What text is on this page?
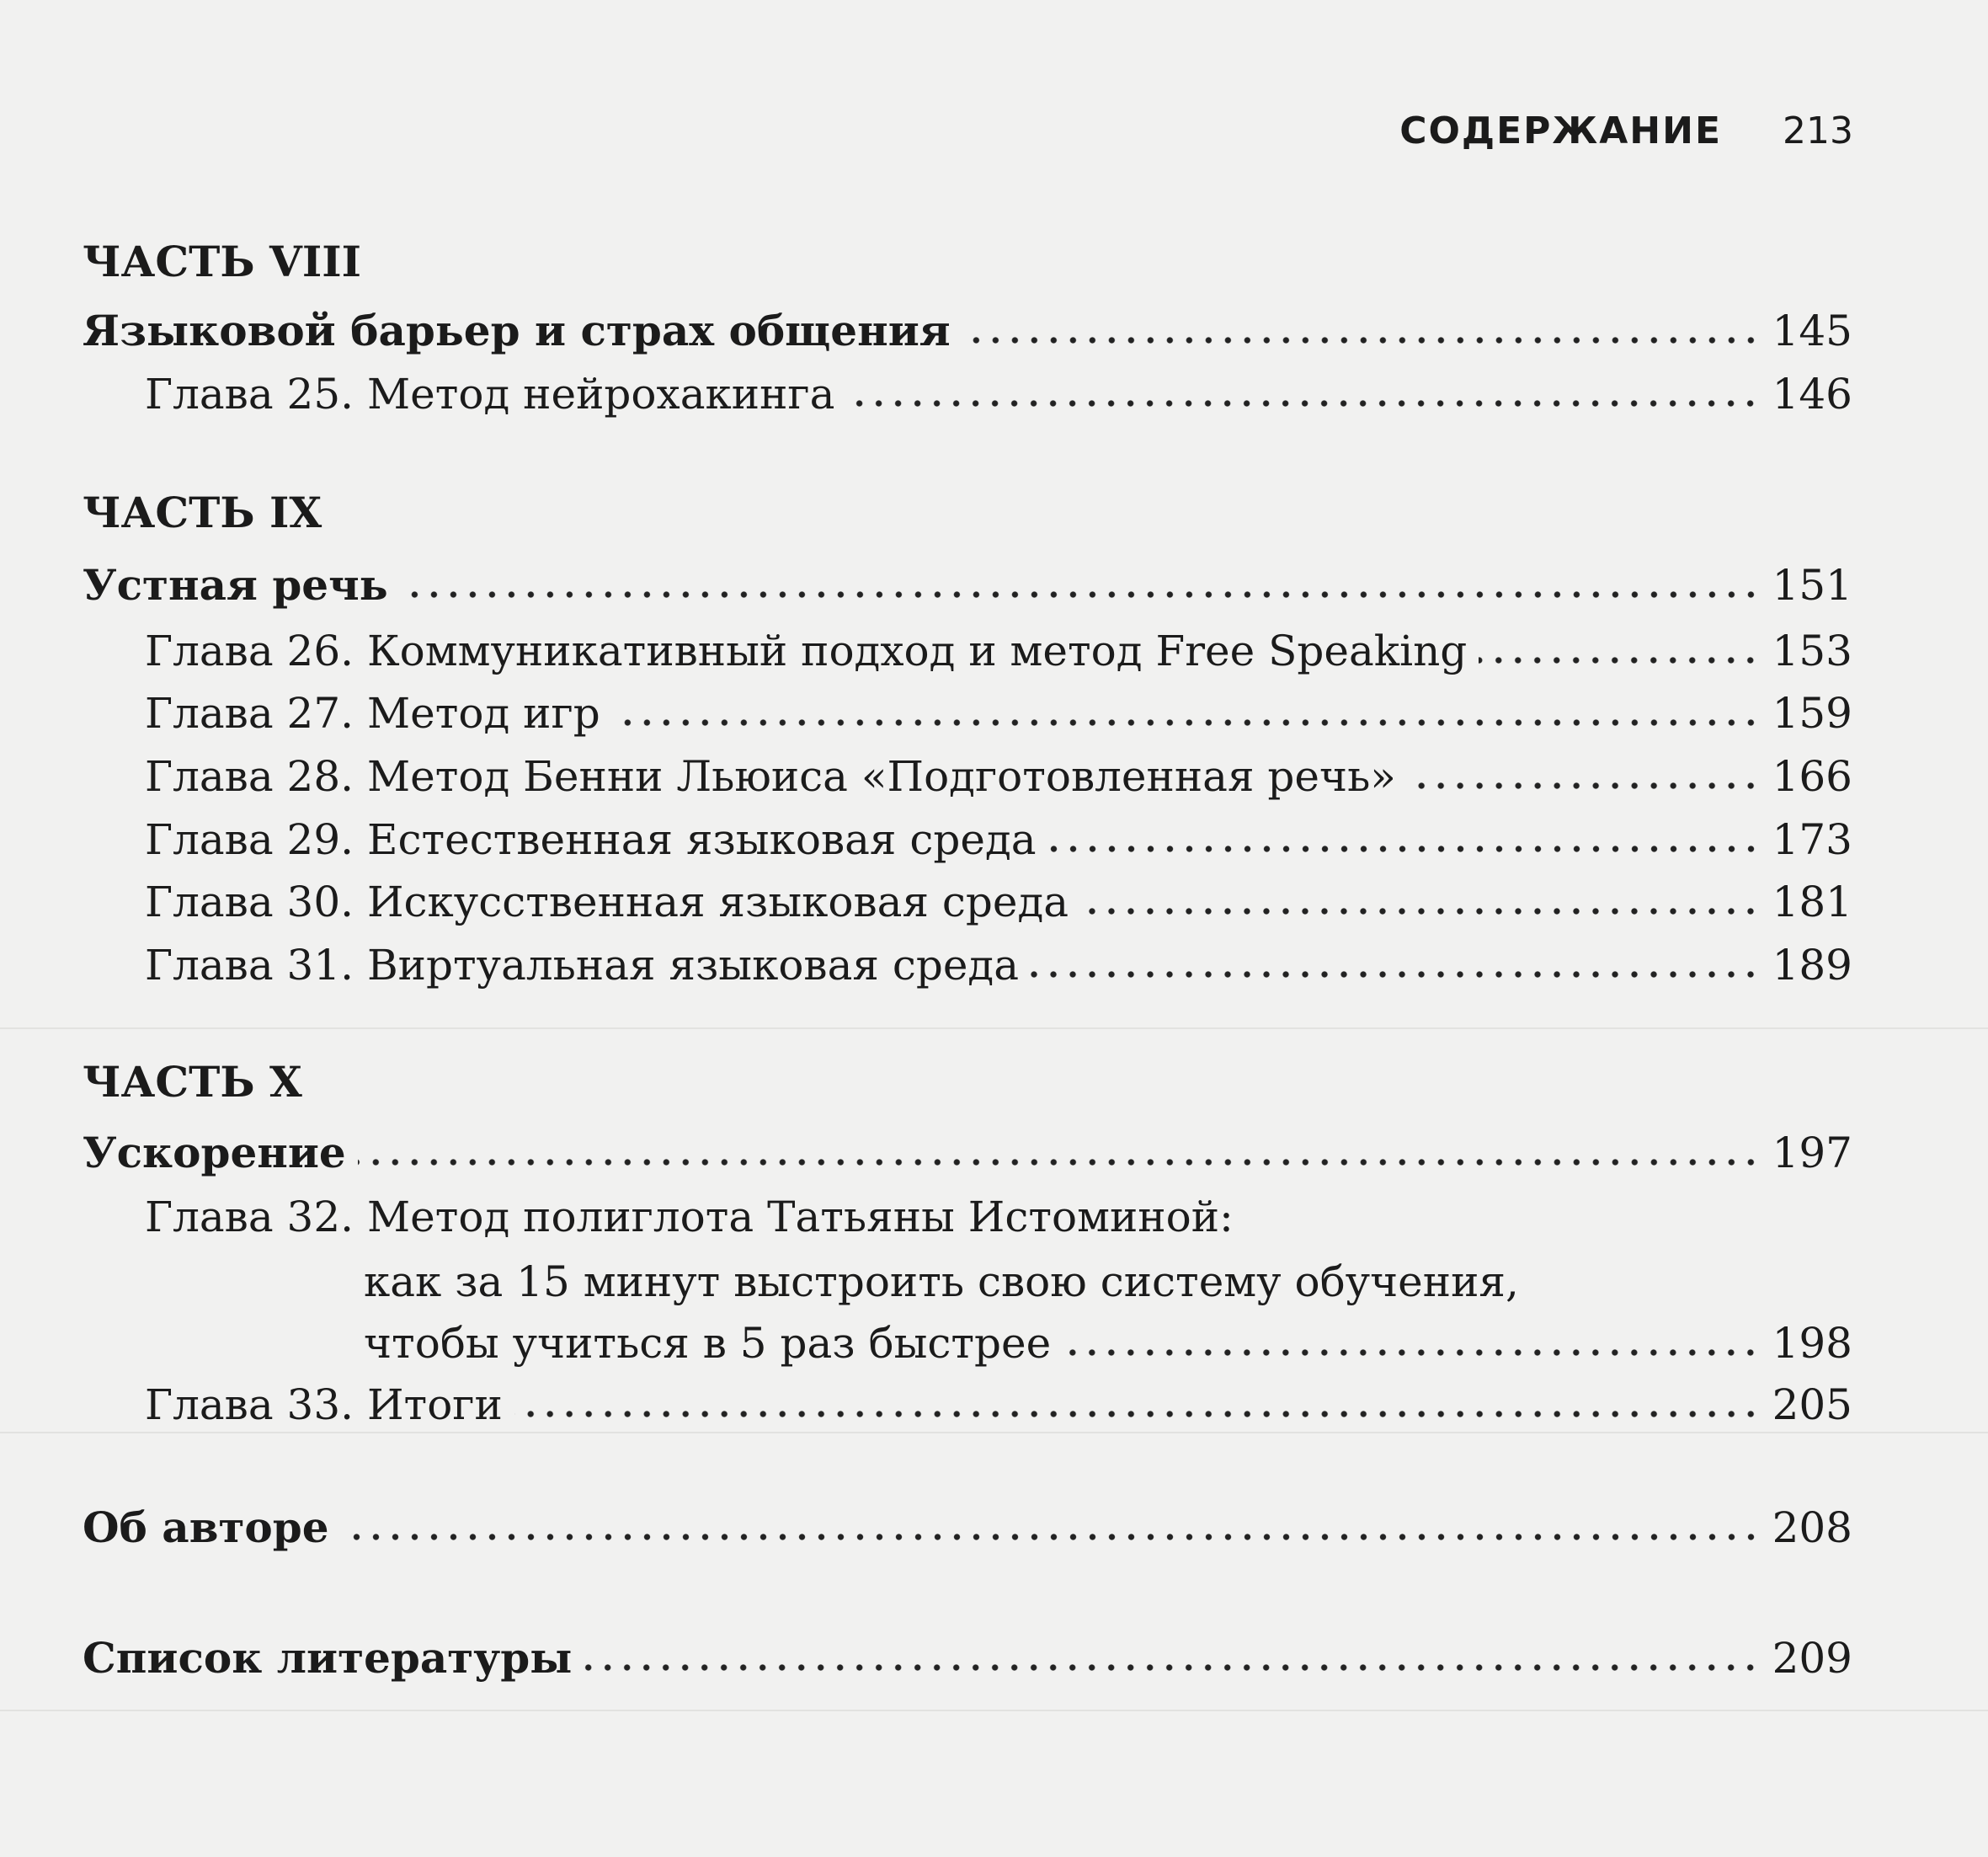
СОДЕРЖАНИЕ 213
ЧАСТЬ VIII
Языковой барьер и страх общения	145
Глава 25. Метод нейрохакинга	146
ЧАСТЬ IX
Устная речь	151
Глава 26. Коммуникативный подход и метод Free Speaking	153
Глава 27. Метод игр	159
Глава 28. Метод Бенни Льюиса «Подготовленная речь»	166
Глава 29. Естественная языковая среда	173
Глава 30. Искусственная языковая среда	181
Глава 31. Виртуальная языковая среда	189
ЧАСТЬ X
Ускорение	197
Глава 32. Метод полиглота Татьяны Истоминой:
как за 15 минут выстроить свою систему обучения,
чтобы учиться в 5 раз быстрее	198
Глава 33. Итоги	205
Об авторе	208
Список литературы	209
